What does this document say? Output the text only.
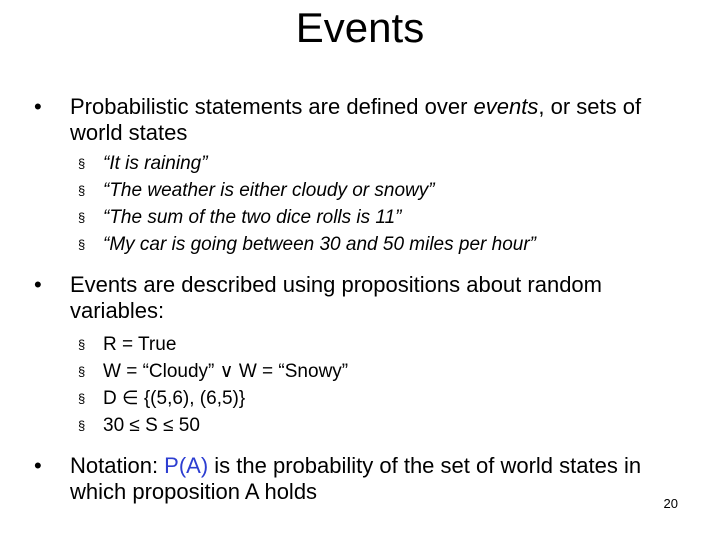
Events
• Probabilistic statements are defined over events, or sets of world states
§ “It is raining”
§ “The weather is either cloudy or snowy”
§ “The sum of the two dice rolls is 11”
§ “My car is going between 30 and 50 miles per hour”
• Events are described using propositions about random variables:
§ R = True
§ W = “Cloudy” ∨ W = “Snowy”
§ D ∈ {(5,6), (6,5)}
§ 30 ≤ S ≤ 50
• Notation: P(A) is the probability of the set of world states in which proposition A holds	20
